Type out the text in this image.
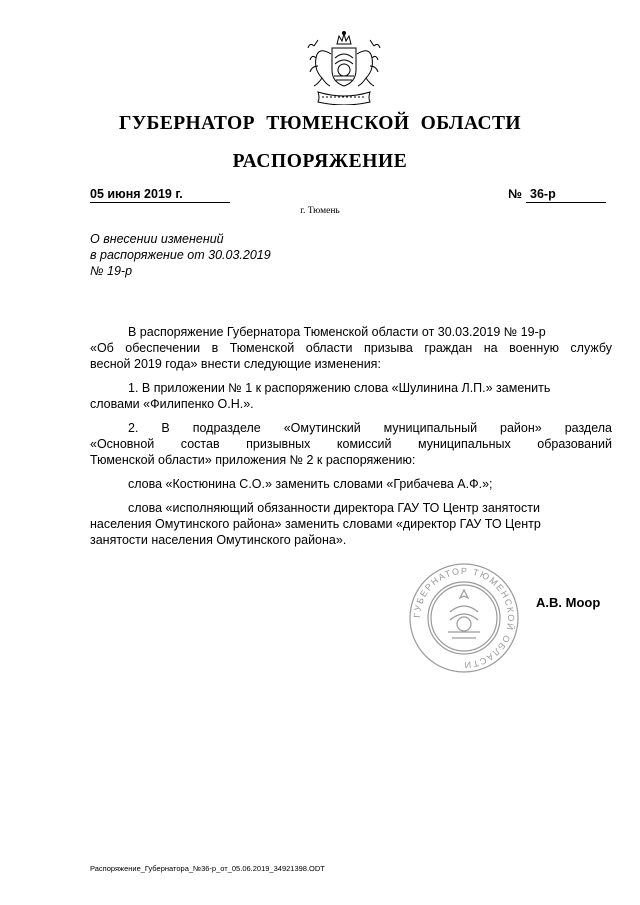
ГУБЕРНАТОР ТЮМЕНСКОЙ ОБЛАСТИ
РАСПОРЯЖЕНИЕ
05 июня 2019 г.	№ 36-р
г. Тюмень
О внесении изменений
в распоряжение от 30.03.2019
№ 19-р
В распоряжение Губернатора Тюменской области от 30.03.2019 № 19-р
«Об обеспечении в Тюменской области призыва граждан на военную службу
весной 2019 года» внести следующие изменения:
1. В приложении № 1 к распоряжению слова «Шулинина Л.П.» заменить
словами «Филипенко О.Н.».
2. В подразделе «Омутинский муниципальный район» раздела
«Основной состав призывных комиссий муниципальных образований
Тюменской области» приложения № 2 к распоряжению:
слова «Костюнина С.О.» заменить словами «Грибачева А.Ф.»;
слова «исполняющий обязанности директора ГАУ ТО Центр занятости
населения Омутинского района» заменить словами «директор ГАУ ТО Центр
занятости населения Омутинского района».
ГУБЕРНАТОР ТЮМЕНСКОЙ ОБЛАСТИ
А.В. Моор
Распоряжение_Губернатора_№36-р_от_05.06.2019_34921398.ODT
